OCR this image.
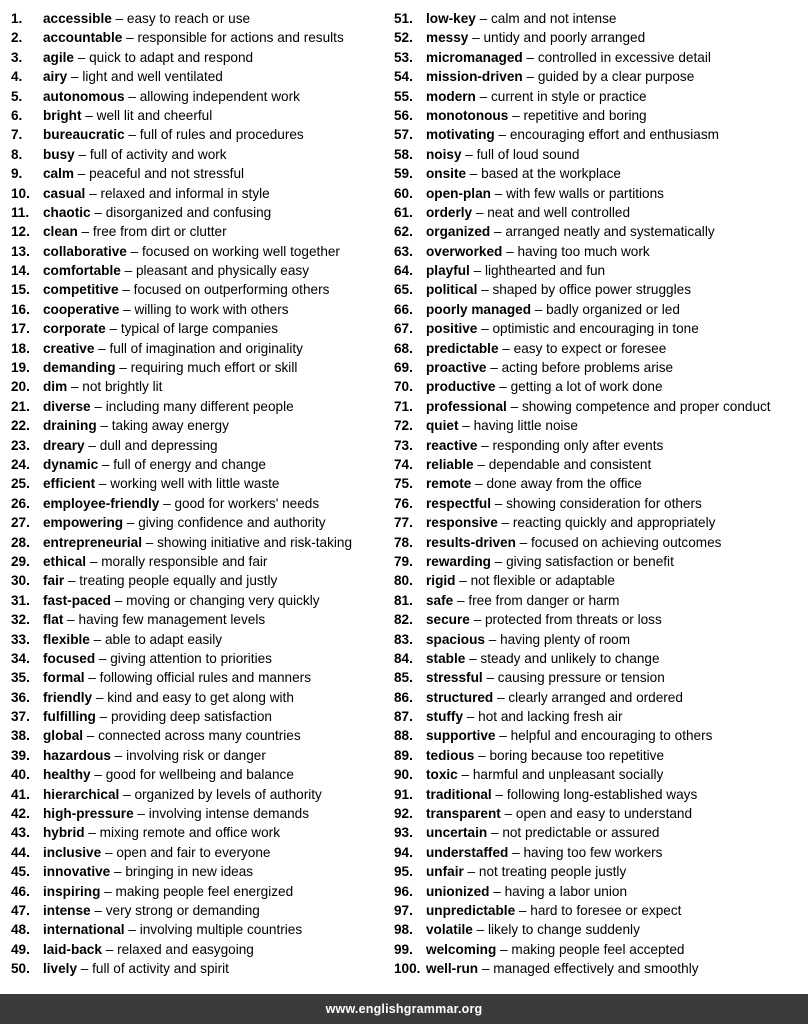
1. accessible – easy to reach or use
2. accountable – responsible for actions and results
3. agile – quick to adapt and respond
4. airy – light and well ventilated
5. autonomous – allowing independent work
6. bright – well lit and cheerful
7. bureaucratic – full of rules and procedures
8. busy – full of activity and work
9. calm – peaceful and not stressful
10. casual – relaxed and informal in style
11. chaotic – disorganized and confusing
12. clean – free from dirt or clutter
13. collaborative – focused on working well together
14. comfortable – pleasant and physically easy
15. competitive – focused on outperforming others
16. cooperative – willing to work with others
17. corporate – typical of large companies
18. creative – full of imagination and originality
19. demanding – requiring much effort or skill
20. dim – not brightly lit
21. diverse – including many different people
22. draining – taking away energy
23. dreary – dull and depressing
24. dynamic – full of energy and change
25. efficient – working well with little waste
26. employee-friendly – good for workers' needs
27. empowering – giving confidence and authority
28. entrepreneurial – showing initiative and risk-taking
29. ethical – morally responsible and fair
30. fair – treating people equally and justly
31. fast-paced – moving or changing very quickly
32. flat – having few management levels
33. flexible – able to adapt easily
34. focused – giving attention to priorities
35. formal – following official rules and manners
36. friendly – kind and easy to get along with
37. fulfilling – providing deep satisfaction
38. global – connected across many countries
39. hazardous – involving risk or danger
40. healthy – good for wellbeing and balance
41. hierarchical – organized by levels of authority
42. high-pressure – involving intense demands
43. hybrid – mixing remote and office work
44. inclusive – open and fair to everyone
45. innovative – bringing in new ideas
46. inspiring – making people feel energized
47. intense – very strong or demanding
48. international – involving multiple countries
49. laid-back – relaxed and easygoing
50. lively – full of activity and spirit
51. low-key – calm and not intense
52. messy – untidy and poorly arranged
53. micromanaged – controlled in excessive detail
54. mission-driven – guided by a clear purpose
55. modern – current in style or practice
56. monotonous – repetitive and boring
57. motivating – encouraging effort and enthusiasm
58. noisy – full of loud sound
59. onsite – based at the workplace
60. open-plan – with few walls or partitions
61. orderly – neat and well controlled
62. organized – arranged neatly and systematically
63. overworked – having too much work
64. playful – lighthearted and fun
65. political – shaped by office power struggles
66. poorly managed – badly organized or led
67. positive – optimistic and encouraging in tone
68. predictable – easy to expect or foresee
69. proactive – acting before problems arise
70. productive – getting a lot of work done
71. professional – showing competence and proper conduct
72. quiet – having little noise
73. reactive – responding only after events
74. reliable – dependable and consistent
75. remote – done away from the office
76. respectful – showing consideration for others
77. responsive – reacting quickly and appropriately
78. results-driven – focused on achieving outcomes
79. rewarding – giving satisfaction or benefit
80. rigid – not flexible or adaptable
81. safe – free from danger or harm
82. secure – protected from threats or loss
83. spacious – having plenty of room
84. stable – steady and unlikely to change
85. stressful – causing pressure or tension
86. structured – clearly arranged and ordered
87. stuffy – hot and lacking fresh air
88. supportive – helpful and encouraging to others
89. tedious – boring because too repetitive
90. toxic – harmful and unpleasant socially
91. traditional – following long-established ways
92. transparent – open and easy to understand
93. uncertain – not predictable or assured
94. understaffed – having too few workers
95. unfair – not treating people justly
96. unionized – having a labor union
97. unpredictable – hard to foresee or expect
98. volatile – likely to change suddenly
99. welcoming – making people feel accepted
100. well-run – managed effectively and smoothly
www.englishgrammar.org
